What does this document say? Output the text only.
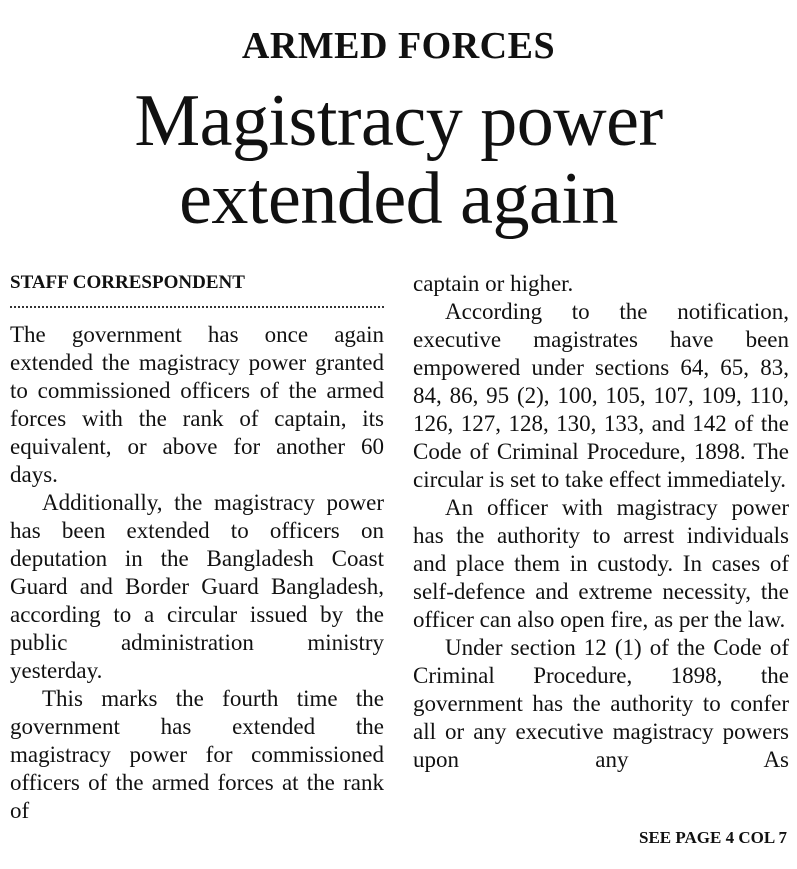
ARMED FORCES
Magistracy power
extended again
STAFF CORRESPONDENT

The government has once again extended the magistracy power granted to commissioned officers of the armed forces with the rank of captain, its equivalent, or above for another 60 days.

Additionally, the magistracy power has been extended to officers on deputation in the Bangladesh Coast Guard and Border Guard Bangladesh, according to a circular issued by the public administration ministry yesterday.

This marks the fourth time the government has extended the magistracy power for commissioned officers of the armed forces at the rank of

captain or higher.

According to the notification, executive magistrates have been empowered under sections 64, 65, 83, 84, 86, 95 (2), 100, 105, 107, 109, 110, 126, 127, 128, 130, 133, and 142 of the Code of Criminal Procedure, 1898. The circular is set to take effect immediately.

An officer with magistracy power has the authority to arrest individuals and place them in custody. In cases of self-defence and extreme necessity, the officer can also open fire, as per the law.

Under section 12 (1) of the Code of Criminal Procedure, 1898, the government has the authority to confer all or any executive magistracy powers upon any As

SEE PAGE 4 COL 7
